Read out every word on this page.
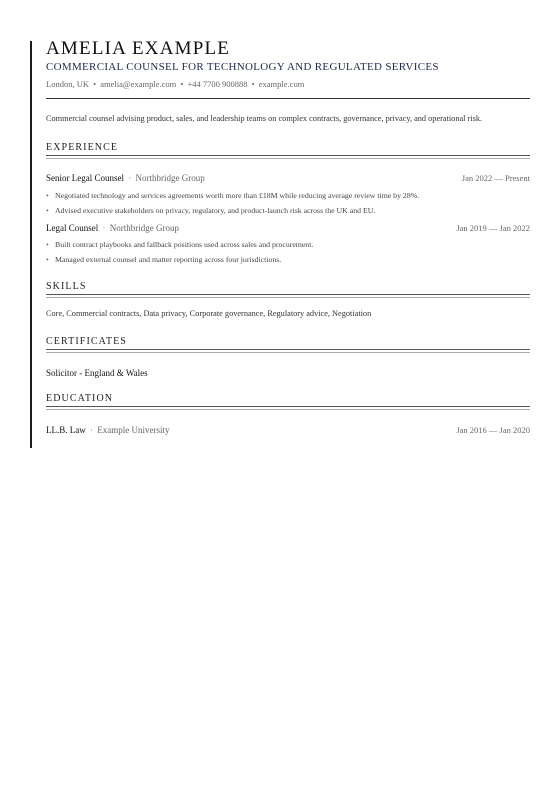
AMELIA EXAMPLE
COMMERCIAL COUNSEL FOR TECHNOLOGY AND REGULATED SERVICES
London, UK • amelia@example.com • +44 7700 900888 • example.com
Commercial counsel advising product, sales, and leadership teams on complex contracts, governance, privacy, and operational risk.
EXPERIENCE
Senior Legal Counsel · Northbridge Group	Jan 2022 — Present
• Negotiated technology and services agreements worth more than £18M while reducing average review time by 28%.
• Advised executive stakeholders on privacy, regulatory, and product-launch risk across the UK and EU.
Legal Counsel · Northbridge Group	Jan 2019 — Jan 2022
• Built contract playbooks and fallback positions used across sales and procurement.
• Managed external counsel and matter reporting across four jurisdictions.
SKILLS
Core, Commercial contracts, Data privacy, Corporate governance, Regulatory advice, Negotiation
CERTIFICATES
Solicitor - England & Wales
EDUCATION
LL.B. Law · Example University	Jan 2016 — Jan 2020
